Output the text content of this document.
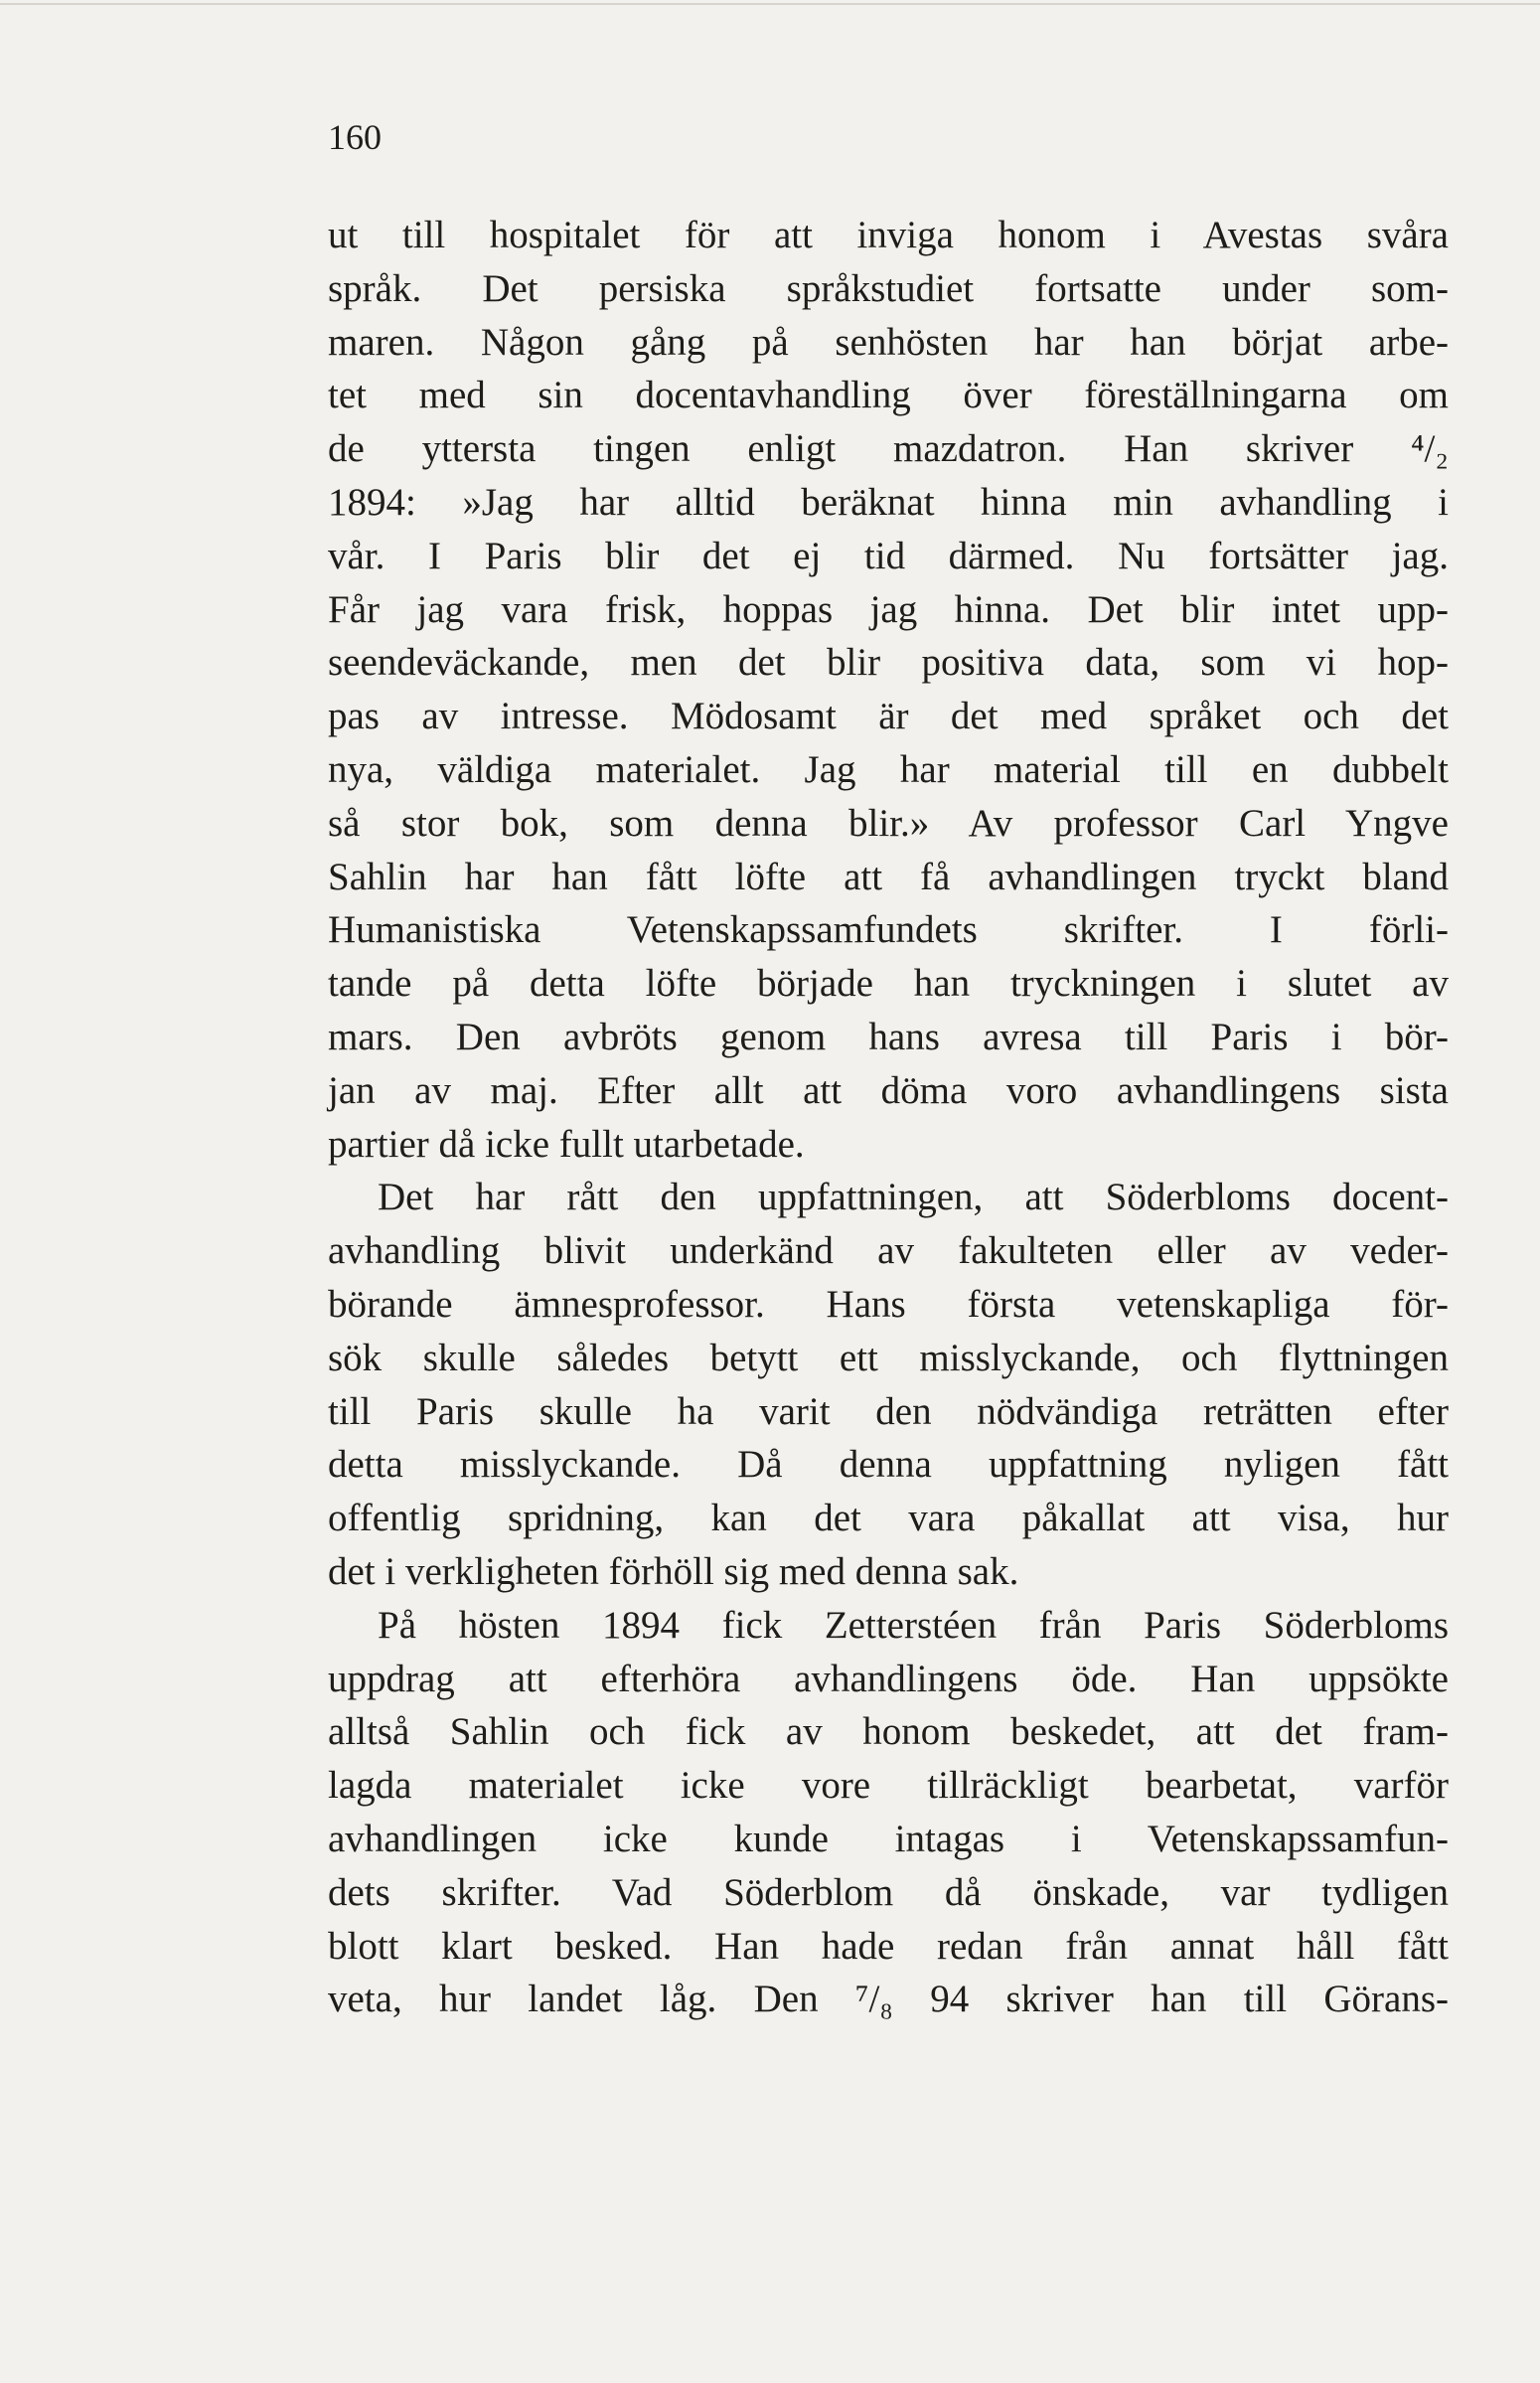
160
ut till hospitalet för att inviga honom i Avestas svåra
språk. Det persiska språkstudiet fortsatte under som-
maren. Någon gång på senhösten har han börjat arbe-
tet med sin docentavhandling över föreställningarna om
de yttersta tingen enligt mazdatron. Han skriver ⁴/₂
1894: »Jag har alltid beräknat hinna min avhandling i
vår. I Paris blir det ej tid därmed. Nu fortsätter jag.
Får jag vara frisk, hoppas jag hinna. Det blir intet upp-
seendeväckande, men det blir positiva data, som vi hop-
pas av intresse. Mödosamt är det med språket och det
nya, väldiga materialet. Jag har material till en dubbelt
så stor bok, som denna blir.» Av professor Carl Yngve
Sahlin har han fått löfte att få avhandlingen tryckt bland
Humanistiska Vetenskapssamfundets skrifter. I förli-
tande på detta löfte började han tryckningen i slutet av
mars. Den avbröts genom hans avresa till Paris i bör-
jan av maj. Efter allt att döma voro avhandlingens sista
partier då icke fullt utarbetade.
Det har rått den uppfattningen, att Söderbloms docent-
avhandling blivit underkänd av fakulteten eller av veder-
börande ämnesprofessor. Hans första vetenskapliga för-
sök skulle således betytt ett misslyckande, och flyttningen
till Paris skulle ha varit den nödvändiga reträtten efter
detta misslyckande. Då denna uppfattning nyligen fått
offentlig spridning, kan det vara påkallat att visa, hur
det i verkligheten förhöll sig med denna sak.
På hösten 1894 fick Zetterstéen från Paris Söderbloms
uppdrag att efterhöra avhandlingens öde. Han uppsökte
alltså Sahlin och fick av honom beskedet, att det fram-
lagda materialet icke vore tillräckligt bearbetat, varför
avhandlingen icke kunde intagas i Vetenskapssamfun-
dets skrifter. Vad Söderblom då önskade, var tydligen
blott klart besked. Han hade redan från annat håll fått
veta, hur landet låg. Den ⁷/₈ 94 skriver han till Görans-
